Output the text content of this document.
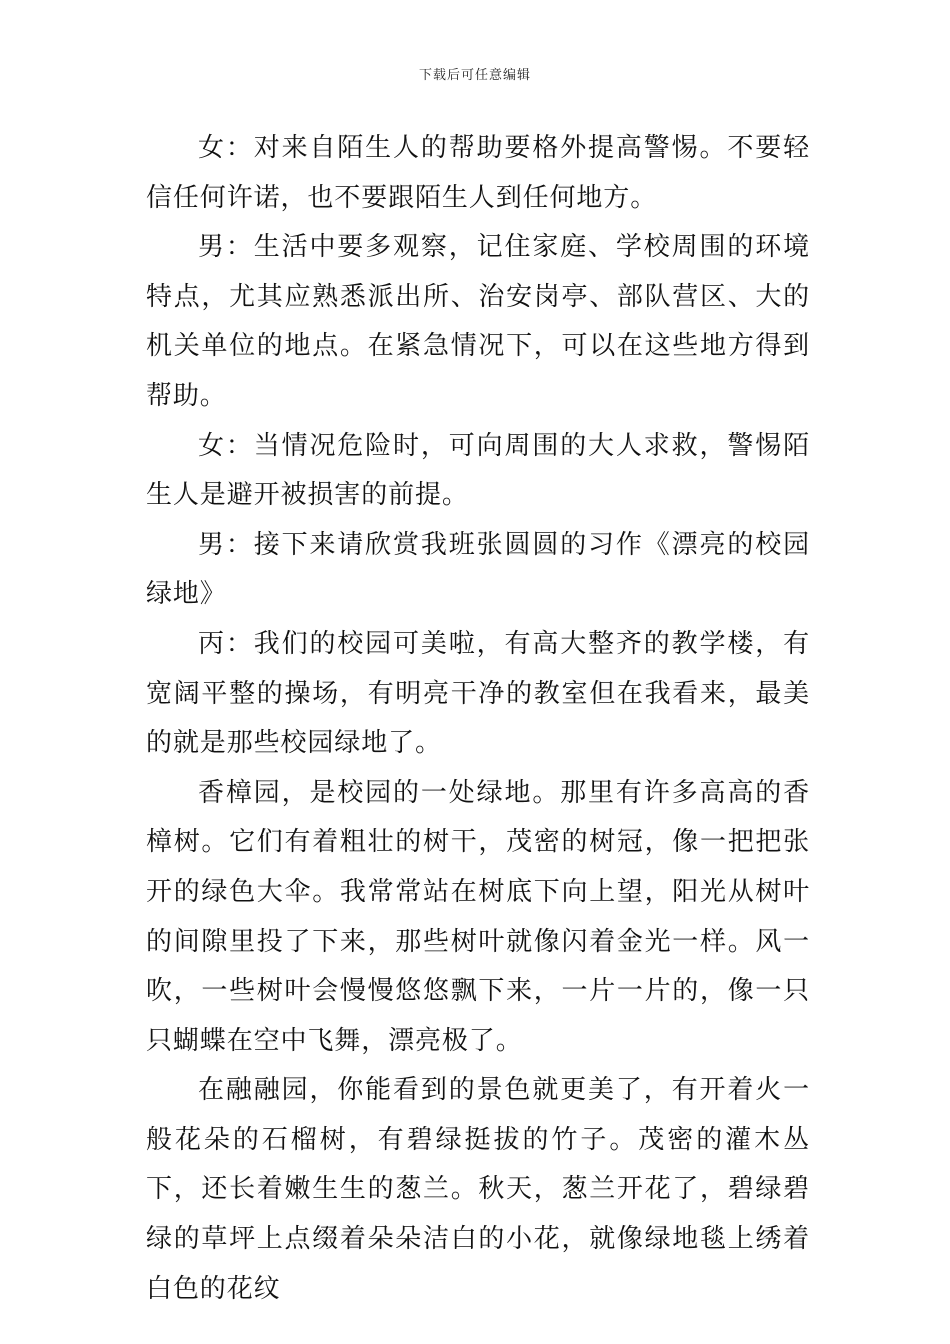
下载后可任意编辑

女：对来自陌生人的帮助要格外提高警惕。不要轻信任何许诺，也不要跟陌生人到任何地方。

男：生活中要多观察，记住家庭、学校周围的环境特点，尤其应熟悉派出所、治安岗亭、部队营区、大的机关单位的地点。在紧急情况下，可以在这些地方得到帮助。

女：当情况危险时，可向周围的大人求救，警惕陌生人是避开被损害的前提。

男：接下来请欣赏我班张圆圆的习作《漂亮的校园绿地》

丙：我们的校园可美啦，有高大整齐的教学楼，有宽阔平整的操场，有明亮干净的教室但在我看来，最美的就是那些校园绿地了。

香樟园，是校园的一处绿地。那里有许多高高的香樟树。它们有着粗壮的树干，茂密的树冠，像一把把张开的绿色大伞。我常常站在树底下向上望，阳光从树叶的间隙里投了下来，那些树叶就像闪着金光一样。风一吹，一些树叶会慢慢悠悠飘下来，一片一片的，像一只只蝴蝶在空中飞舞，漂亮极了。

在融融园，你能看到的景色就更美了，有开着火一般花朵的石榴树，有碧绿挺拔的竹子。茂密的灌木丛下，还长着嫩生生的葱兰。秋天，葱兰开花了，碧绿碧绿的草坪上点缀着朵朵洁白的小花，就像绿地毯上绣着白色的花纹
